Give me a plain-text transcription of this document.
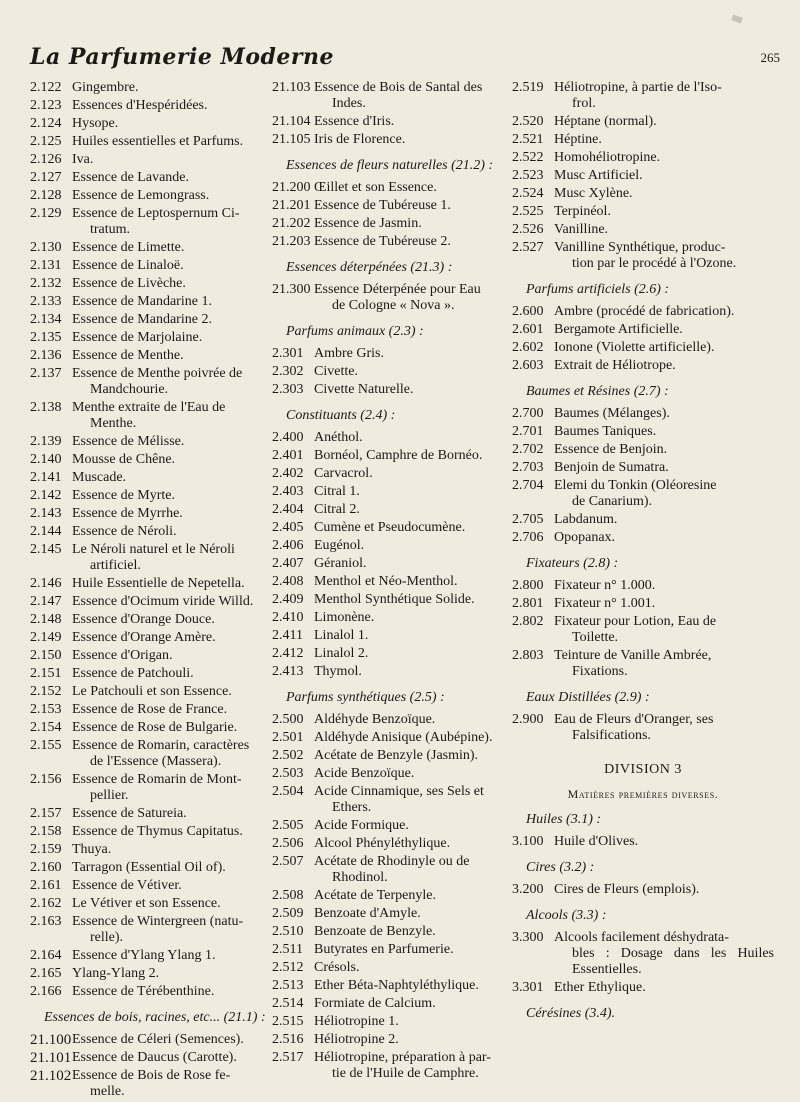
La Parfumerie Moderne	265
2.122 Gingembre.
2.123 Essences d'Hespéridées.
2.124 Hysope.
2.125 Huiles essentielles et Parfums.
2.126 Iva.
2.127 Essence de Lavande.
2.128 Essence de Lemongrass.
2.129 Essence de Leptospernum Ci-
tratum.
2.130 Essence de Limette.
2.131 Essence de Linaloë.
2.132 Essence de Livèche.
2.133 Essence de Mandarine 1.
2.134 Essence de Mandarine 2.
2.135 Essence de Marjolaine.
2.136 Essence de Menthe.
2.137 Essence de Menthe poivrée de
Mandchourie.
2.138 Menthe extraite de l'Eau de
Menthe.
2.139 Essence de Mélisse.
2.140 Mousse de Chêne.
2.141 Muscade.
2.142 Essence de Myrte.
2.143 Essence de Myrrhe.
2.144 Essence de Néroli.
2.145 Le Néroli naturel et le Néroli
artificiel.
2.146 Huile Essentielle de Nepetella.
2.147 Essence d'Ocimum viride Willd.
2.148 Essence d'Orange Douce.
2.149 Essence d'Orange Amère.
2.150 Essence d'Origan.
2.151 Essence de Patchouli.
2.152 Le Patchouli et son Essence.
2.153 Essence de Rose de France.
2.154 Essence de Rose de Bulgarie.
2.155 Essence de Romarin, caractères
de l'Essence (Massera).
2.156 Essence de Romarin de Mont-
pellier.
2.157 Essence de Satureia.
2.158 Essence de Thymus Capitatus.
2.159 Thuya.
2.160 Tarragon (Essential Oil of).
2.161 Essence de Vétiver.
2.162 Le Vétiver et son Essence.
2.163 Essence de Wintergreen (natu-
relle).
2.164 Essence d'Ylang Ylang 1.
2.165 Ylang-Ylang 2.
2.166 Essence de Térébenthine.
Essences de bois, racines, etc... (21.1) :
21.100 Essence de Céleri (Semences).
21.101 Essence de Daucus (Carotte).
21.102 Essence de Bois de Rose fe-
melle.
21.103 Essence de Bois de Santal des
Indes.
21.104 Essence d'Iris.
21.105 Iris de Florence.
Essences de fleurs naturelles (21.2) :
21.200 Œillet et son Essence.
21.201 Essence de Tubéreuse 1.
21.202 Essence de Jasmin.
21.203 Essence de Tubéreuse 2.
Essences déterpénées (21.3) :
21.300 Essence Déterpénée pour Eau
de Cologne « Nova ».
Parfums animaux (2.3) :
2.301 Ambre Gris.
2.302 Civette.
2.303 Civette Naturelle.
Constituants (2.4) :
2.400 Anéthol.
2.401 Bornéol, Camphre de Bornéo.
2.402 Carvacrol.
2.403 Citral 1.
2.404 Citral 2.
2.405 Cumène et Pseudocumène.
2.406 Eugénol.
2.407 Géraniol.
2.408 Menthol et Néo-Menthol.
2.409 Menthol Synthétique Solide.
2.410 Limonène.
2.411 Linalol 1.
2.412 Linalol 2.
2.413 Thymol.
Parfums synthétiques (2.5) :
2.500 Aldéhyde Benzoïque.
2.501 Aldéhyde Anisique (Aubépine).
2.502 Acétate de Benzyle (Jasmin).
2.503 Acide Benzoïque.
2.504 Acide Cinnamique, ses Sels et
Ethers.
2.505 Acide Formique.
2.506 Alcool Phényléthylique.
2.507 Acétate de Rhodinyle ou de
Rhodinol.
2.508 Acétate de Terpenyle.
2.509 Benzoate d'Amyle.
2.510 Benzoate de Benzyle.
2.511 Butyrates en Parfumerie.
2.512 Crésols.
2.513 Ether Béta-Naphtyléthylique.
2.514 Formiate de Calcium.
2.515 Héliotropine 1.
2.516 Héliotropine 2.
2.517 Héliotropine, préparation à par-
tie de l'Huile de Camphre.
2.519 Héliotropine, à partie de l'Iso-
frol.
2.520 Héptane (normal).
2.521 Héptine.
2.522 Homohéliotropine.
2.523 Musc Artificiel.
2.524 Musc Xylène.
2.525 Terpinéol.
2.526 Vanilline.
2.527 Vanilline Synthétique, produc-
tion par le procédé à l'Ozone.
Parfums artificiels (2.6) :
2.600 Ambre (procédé de fabrication).
2.601 Bergamote Artificielle.
2.602 Ionone (Violette artificielle).
2.603 Extrait de Héliotrope.
Baumes et Résines (2.7) :
2.700 Baumes (Mélanges).
2.701 Baumes Taniques.
2.702 Essence de Benjoin.
2.703 Benjoin de Sumatra.
2.704 Elemi du Tonkin (Oléoresine
de Canarium).
2.705 Labdanum.
2.706 Opopanax.
Fixateurs (2.8) :
2.800 Fixateur n° 1.000.
2.801 Fixateur n° 1.001.
2.802 Fixateur pour Lotion, Eau de
Toilette.
2.803 Teinture de Vanille Ambrée,
Fixations.
Eaux Distillées (2.9) :
2.900 Eau de Fleurs d'Oranger, ses
Falsifications.
DIVISION 3
Matières premières diverses.
Huiles (3.1) :
3.100 Huile d'Olives.
Cires (3.2) :
3.200 Cires de Fleurs (emplois).
Alcools (3.3) :
3.300 Alcools facilement déshydrata-
bles : Dosage dans les Huiles Essentielles.
3.301 Ether Ethylique.
Cérésines (3.4).
